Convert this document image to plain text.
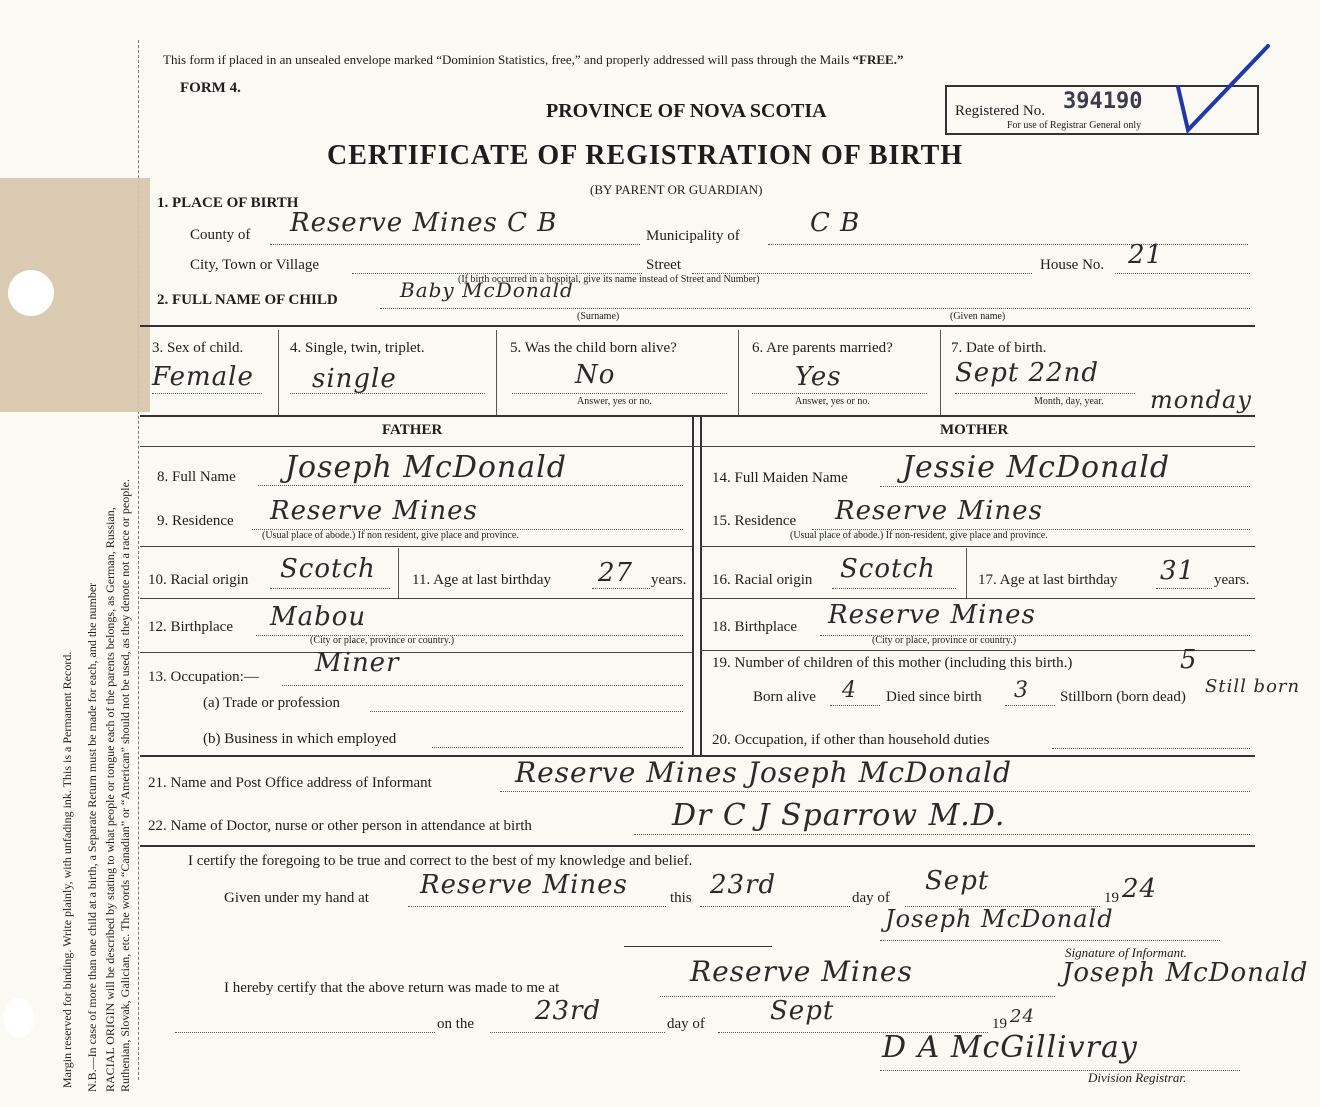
Margin reserved for binding. Write plainly, with unfading ink. This is a Permanent Record. N.B.—In case of more than one child at a birth, a Separate Return must be made for each, and the number RACIAL ORIGIN will be described by stating to what people or tongue each of the parents belongs, as German, Russian, Ruthenian, Slovak, Galician, etc. The words “Canadian” or “American” should not be used, as they denote not a race or people.
This form if placed in an unsealed envelope marked “Dominion Statistics, free,” and properly addressed will pass through the Mails “FREE.”
FORM 4.
PROVINCE OF NOVA SCOTIA
CERTIFICATE OF REGISTRATION OF BIRTH
(BY PARENT OR GUARDIAN)
Registered No. 394190
For use of Registrar General only
1. PLACE OF BIRTH
County of Reserve Mines C B	Municipality of	C B
City, Town or Village	Street	House No. 21
(If birth occurred in a hospital, give its name instead of Street and Number)
2. FULL NAME OF CHILD	Baby McDonald
(Surname)	(Given name)
3. Sex of child.
Female
4. Single, twin, triplet.
single
5. Was the child born alive?
No
Answer, yes or no.
6. Are parents married?
Yes
Answer, yes or no.
7. Date of birth.
Sept 22nd
monday
Month, day, year.
FATHER	MOTHER
8. Full Name Joseph McDonald
9. Residence Reserve Mines
(Usual place of abode.) If non resident, give place and province.
10. Racial origin Scotch 11. Age at last birthday 27 years.
12. Birthplace Mabou
(City or place, province or country.)
13. Occupation:— Miner
(a) Trade or profession
(b) Business in which employed
14. Full Maiden Name Jessie McDonald
15. Residence Reserve Mines
(Usual place of abode.) If non-resident, give place and province.
16. Racial origin Scotch	17. Age at last birthday 31 years.
18. Birthplace Reserve Mines
(City or place, province or country.)
19. Number of children of this mother (including this birth.)	5
Born alive 4 Died since birth 3 Stillborn (born dead) Still born
20. Occupation, if other than household duties
21. Name and Post Office address of Informant	Reserve Mines Joseph McDonald
22. Name of Doctor, nurse or other person in attendance at birth	Dr C J Sparrow M.D.
I certify the foregoing to be true and correct to the best of my knowledge and belief.
Given under my hand at Reserve Mines	this 23rd	day of
Sept
19 24
Joseph McDonald
Signature of Informant.
I hereby certify that the above return was made to me at	Reserve Mines	Joseph McDonald
on the 23rd	day of	Sept	19 24
D A McGillivray
Division Registrar.
